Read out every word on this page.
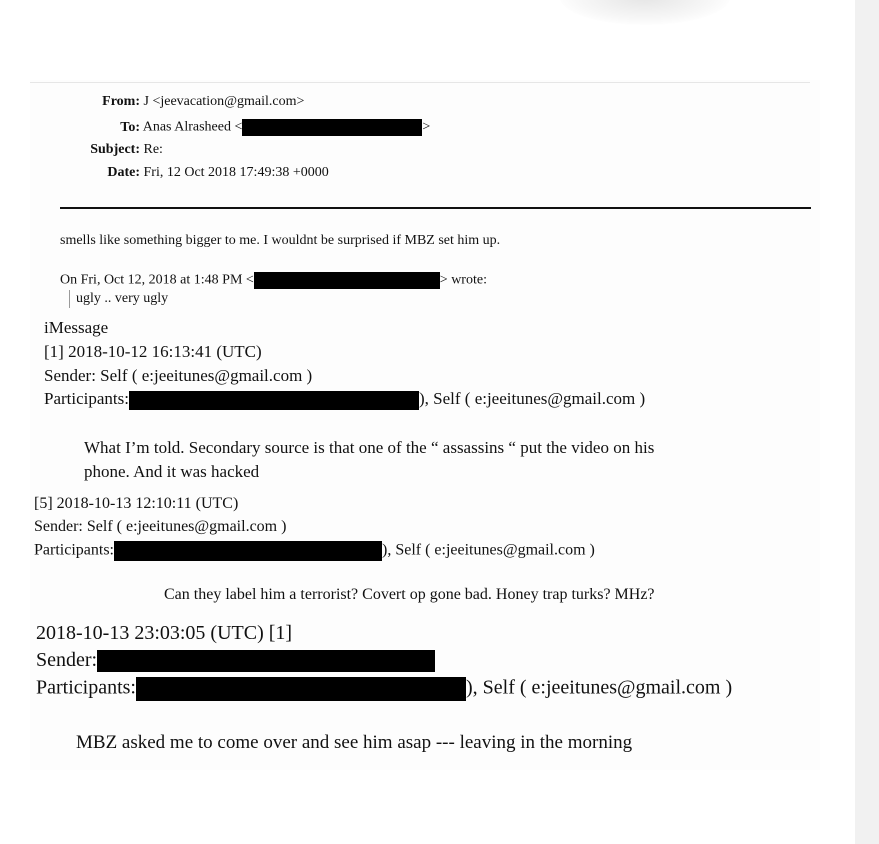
From: J <jeevacation@gmail.com>
To: Anas Alrasheed <	>
Subject: Re:
Date: Fri, 12 Oct 2018 17:49:38 +0000
smells like something bigger to me. I wouldnt be surprised if MBZ set him up.
On Fri, Oct 12, 2018 at 1:48 PM <	> wrote:
ugly .. very ugly
iMessage
[1] 2018-10-12 16:13:41 (UTC)
Sender: Self ( e:jeeitunes@gmail.com )
Participants:	), Self ( e:jeeitunes@gmail.com )
What I’m told. Secondary source is that one of the “ assassins “ put the video on his
phone. And it was hacked
[5] 2018-10-13 12:10:11 (UTC)
Sender: Self ( e:jeeitunes@gmail.com )
Participants:	), Self ( e:jeeitunes@gmail.com )
Can they label him a terrorist? Covert op gone bad. Honey trap turks? MHz?
2018-10-13 23:03:05 (UTC) [1]
Sender:
Participants:	), Self ( e:jeeitunes@gmail.com )
MBZ asked me to come over and see him asap --- leaving in the morning
